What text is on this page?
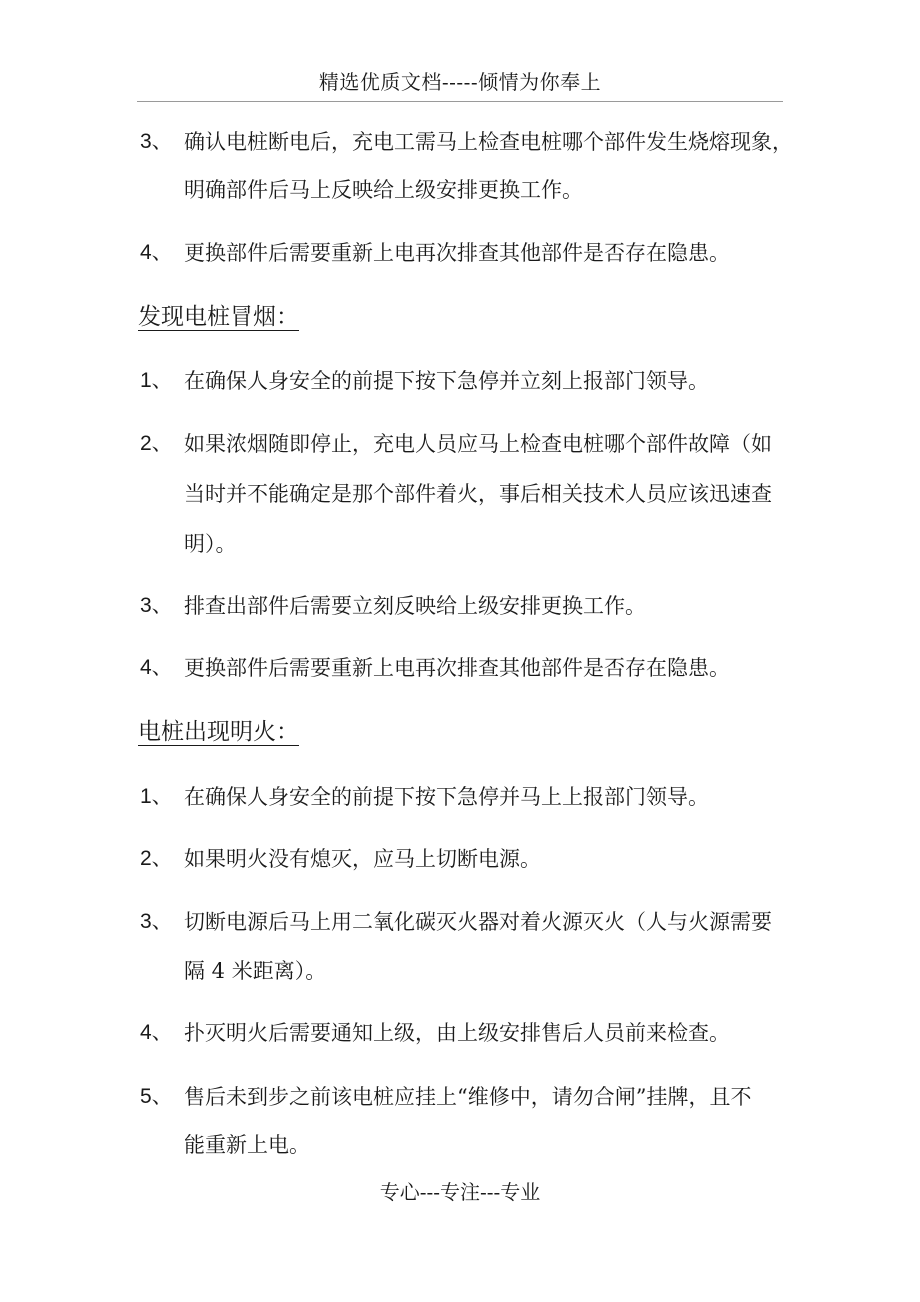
精选优质文档-----倾情为你奉上
3、 确认电桩断电后，充电工需马上检查电桩哪个部件发生烧熔现象，
明确部件后马上反映给上级安排更换工作。
4、 更换部件后需要重新上电再次排查其他部件是否存在隐患。
发现电桩冒烟：
1、 在确保人身安全的前提下按下急停并立刻上报部门领导。
2、 如果浓烟随即停止，充电人员应马上检查电桩哪个部件故障（如
当时并不能确定是那个部件着火，事后相关技术人员应该迅速查
明）。
3、 排查出部件后需要立刻反映给上级安排更换工作。
4、 更换部件后需要重新上电再次排查其他部件是否存在隐患。
电桩出现明火：
1、 在确保人身安全的前提下按下急停并马上上报部门领导。
2、 如果明火没有熄灭，应马上切断电源。
3、 切断电源后马上用二氧化碳灭火器对着火源灭火（人与火源需要
隔 4 米距离）。
4、 扑灭明火后需要通知上级，由上级安排售后人员前来检查。
5、 售后未到步之前该电桩应挂上“维修中，请勿合闸”挂牌，且不
能重新上电。
专心---专注---专业
